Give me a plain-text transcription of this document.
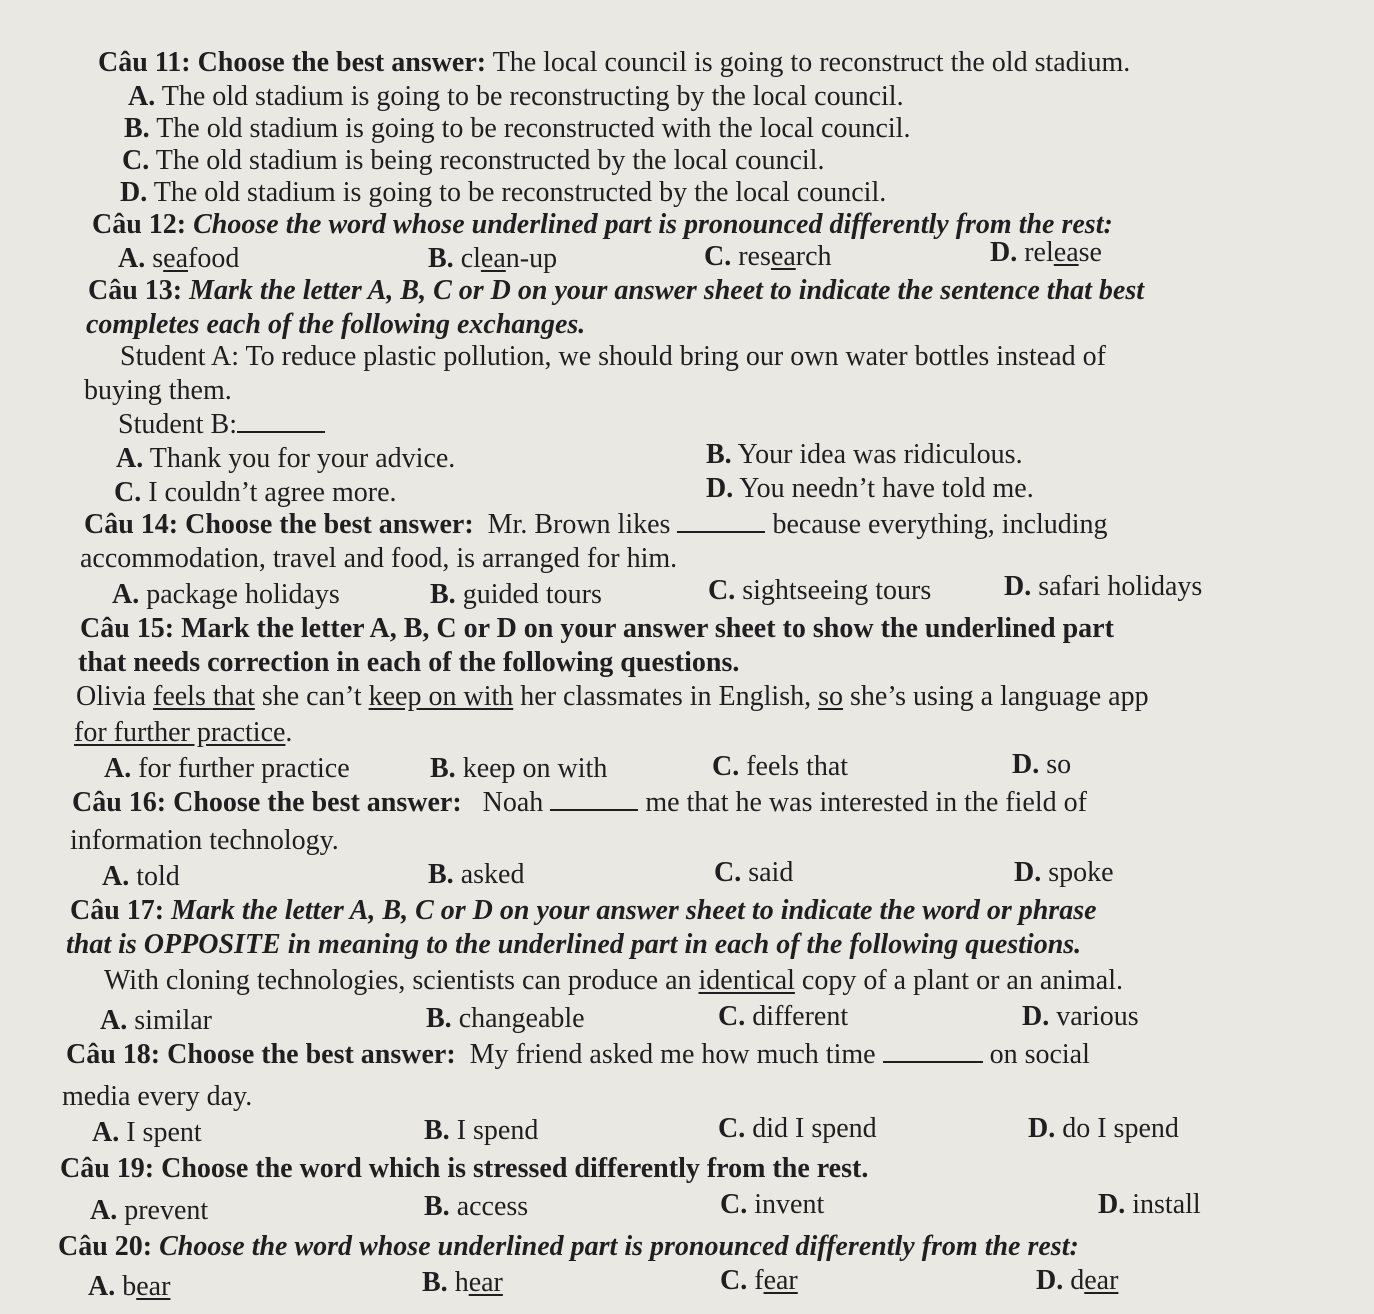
Câu 11: Choose the best answer: The local council is going to reconstruct the old stadium.
A. The old stadium is going to be reconstructing by the local council.
B. The old stadium is going to be reconstructed with the local council.
C. The old stadium is being reconstructed by the local council.
D. The old stadium is going to be reconstructed by the local council.
Câu 12: Choose the word whose underlined part is pronounced differently from the rest:
A. seafood	B. clean-up	C. research	D. release
Câu 13: Mark the letter A, B, C or D on your answer sheet to indicate the sentence that best
completes each of the following exchanges.
Student A: To reduce plastic pollution, we should bring our own water bottles instead of
buying them.
Student B:
A. Thank you for your advice.	B. Your idea was ridiculous.
C. I couldn’t agree more.	D. You needn’t have told me.
Câu 14: Choose the best answer: Mr. Brown likes	because everything, including
accommodation, travel and food, is arranged for him.
A. package holidays	B. guided tours	C. sightseeing tours	D. safari holidays
Câu 15: Mark the letter A, B, C or D on your answer sheet to show the underlined part
that needs correction in each of the following questions.
Olivia feels that she can’t keep on with her classmates in English, so she’s using a language app
for further practice.
A. for further practice	B. keep on with	C. feels that	D. so
Câu 16: Choose the best answer: Noah	me that he was interested in the field of
information technology.
A. told	B. asked	C. said	D. spoke
Câu 17: Mark the letter A, B, C or D on your answer sheet to indicate the word or phrase
that is OPPOSITE in meaning to the underlined part in each of the following questions.
With cloning technologies, scientists can produce an identical copy of a plant or an animal.
A. similar	B. changeable	C. different	D. various
Câu 18: Choose the best answer: My friend asked me how much time	on social
media every day.
A. I spent	B. I spend	C. did I spend	D. do I spend
Câu 19: Choose the word which is stressed differently from the rest.
A. prevent	B. access	C. invent	D. install
Câu 20: Choose the word whose underlined part is pronounced differently from the rest:
A. bear	B. hear	C. fear	D. dear
